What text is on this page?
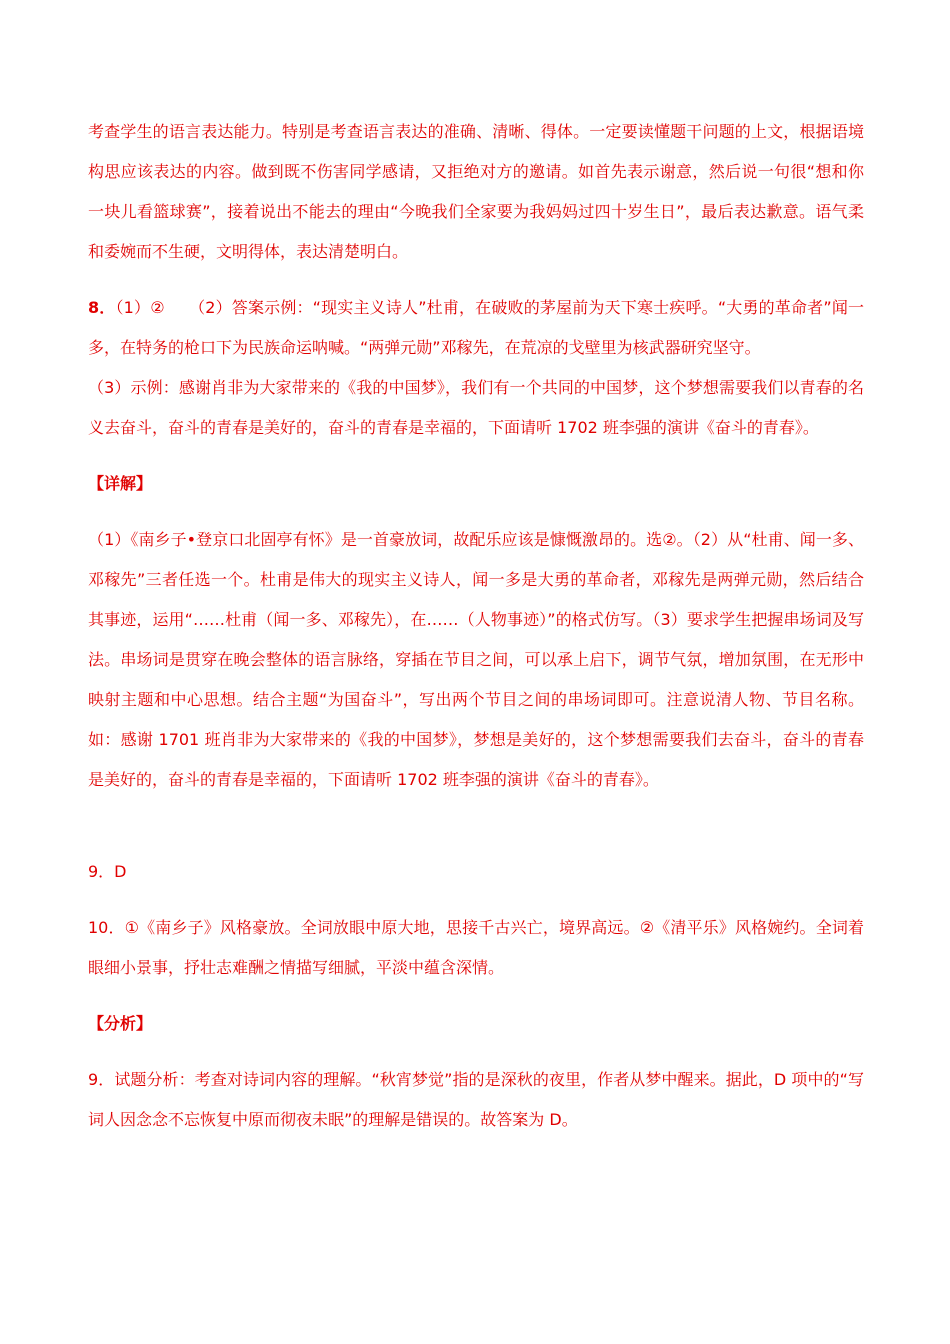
考查学生的语言表达能力。特别是考查语言表达的准确、清晰、得体。一定要读懂题干问题的上文，根据语境构思应该表达的内容。做到既不伤害同学感请，又拒绝对方的邀请。如首先表示谢意，然后说一句很“想和你一块儿看篮球赛”，接着说出不能去的理由“今晚我们全家要为我妈妈过四十岁生日”，最后表达歉意。语气柔和委婉而不生硬，文明得体，表达清楚明白。

8．（1）②　　（2）答案示例：“现实主义诗人”杜甫，在破败的茅屋前为天下寒士疾呼。“大勇的革命者”闻一多，在特务的枪口下为民族命运呐喊。“两弹元勋”邓稼先，在荒凉的戈壁里为核武器研究坚守。

（3）示例：感谢肖非为大家带来的《我的中国梦》，我们有一个共同的中国梦，这个梦想需要我们以青春的名义去奋斗，奋斗的青春是美好的，奋斗的青春是幸福的，下面请听 1702 班李强的演讲《奋斗的青春》。

【详解】

（1）《南乡子•登京口北固亭有怀》是一首豪放词，故配乐应该是慷慨激昂的。选②。（2）从“杜甫、闻一多、邓稼先”三者任选一个。杜甫是伟大的现实主义诗人，闻一多是大勇的革命者，邓稼先是两弹元勋，然后结合其事迹，运用“……杜甫（闻一多、邓稼先），在……（人物事迹）”的格式仿写。（3）要求学生把握串场词及写法。串场词是贯穿在晚会整体的语言脉络，穿插在节目之间，可以承上启下，调节气氛，增加氛围，在无形中映射主题和中心思想。结合主题“为国奋斗”，写出两个节目之间的串场词即可。注意说清人物、节目名称。如：感谢 1701 班肖非为大家带来的《我的中国梦》，梦想是美好的，这个梦想需要我们去奋斗，奋斗的青春是美好的，奋斗的青春是幸福的，下面请听 1702 班李强的演讲《奋斗的青春》。

9．D

10．①《南乡子》风格豪放。全词放眼中原大地，思接千古兴亡，境界高远。②《清平乐》风格婉约。全词着眼细小景事，抒壮志难酬之情描写细腻，平淡中蕴含深情。

【分析】

9．试题分析：考查对诗词内容的理解。“秋宵梦觉”指的是深秋的夜里，作者从梦中醒来。据此，D 项中的“写词人因念念不忘恢复中原而彻夜未眠”的理解是错误的。故答案为 D。
